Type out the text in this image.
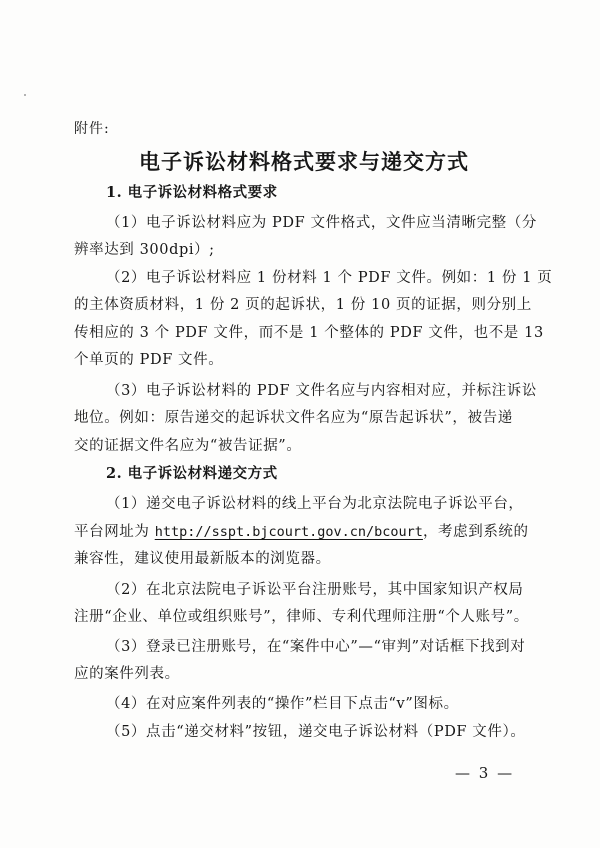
附件:
电子诉讼材料格式要求与递交方式
1. 电子诉讼材料格式要求
（1）电子诉讼材料应为 PDF 文件格式，文件应当清晰完整（分
辨率达到 300dpi）;
（2）电子诉讼材料应 1 份材料 1 个 PDF 文件。例如：1 份 1 页
的主体资质材料，1 份 2 页的起诉状，1 份 10 页的证据，则分别上
传相应的 3 个 PDF 文件，而不是 1 个整体的 PDF 文件，也不是 13
个单页的 PDF 文件。
（3）电子诉讼材料的 PDF 文件名应与内容相对应，并标注诉讼
地位。例如：原告递交的起诉状文件名应为“原告起诉状”，被告递
交的证据文件名应为“被告证据”。
2. 电子诉讼材料递交方式
（1）递交电子诉讼材料的线上平台为北京法院电子诉讼平台，
平台网址为 http://sspt.bjcourt.gov.cn/bcourt，考虑到系统的
兼容性，建议使用最新版本的浏览器。
（2）在北京法院电子诉讼平台注册账号，其中国家知识产权局
注册“企业、单位或组织账号”，律师、专利代理师注册“个人账号”。
（3）登录已注册账号，在“案件中心”—“审判”对话框下找到对
应的案件列表。
（4）在对应案件列表的“操作”栏目下点击“v”图标。
（5）点击“递交材料”按钮，递交电子诉讼材料（PDF 文件）。
— 3 —
